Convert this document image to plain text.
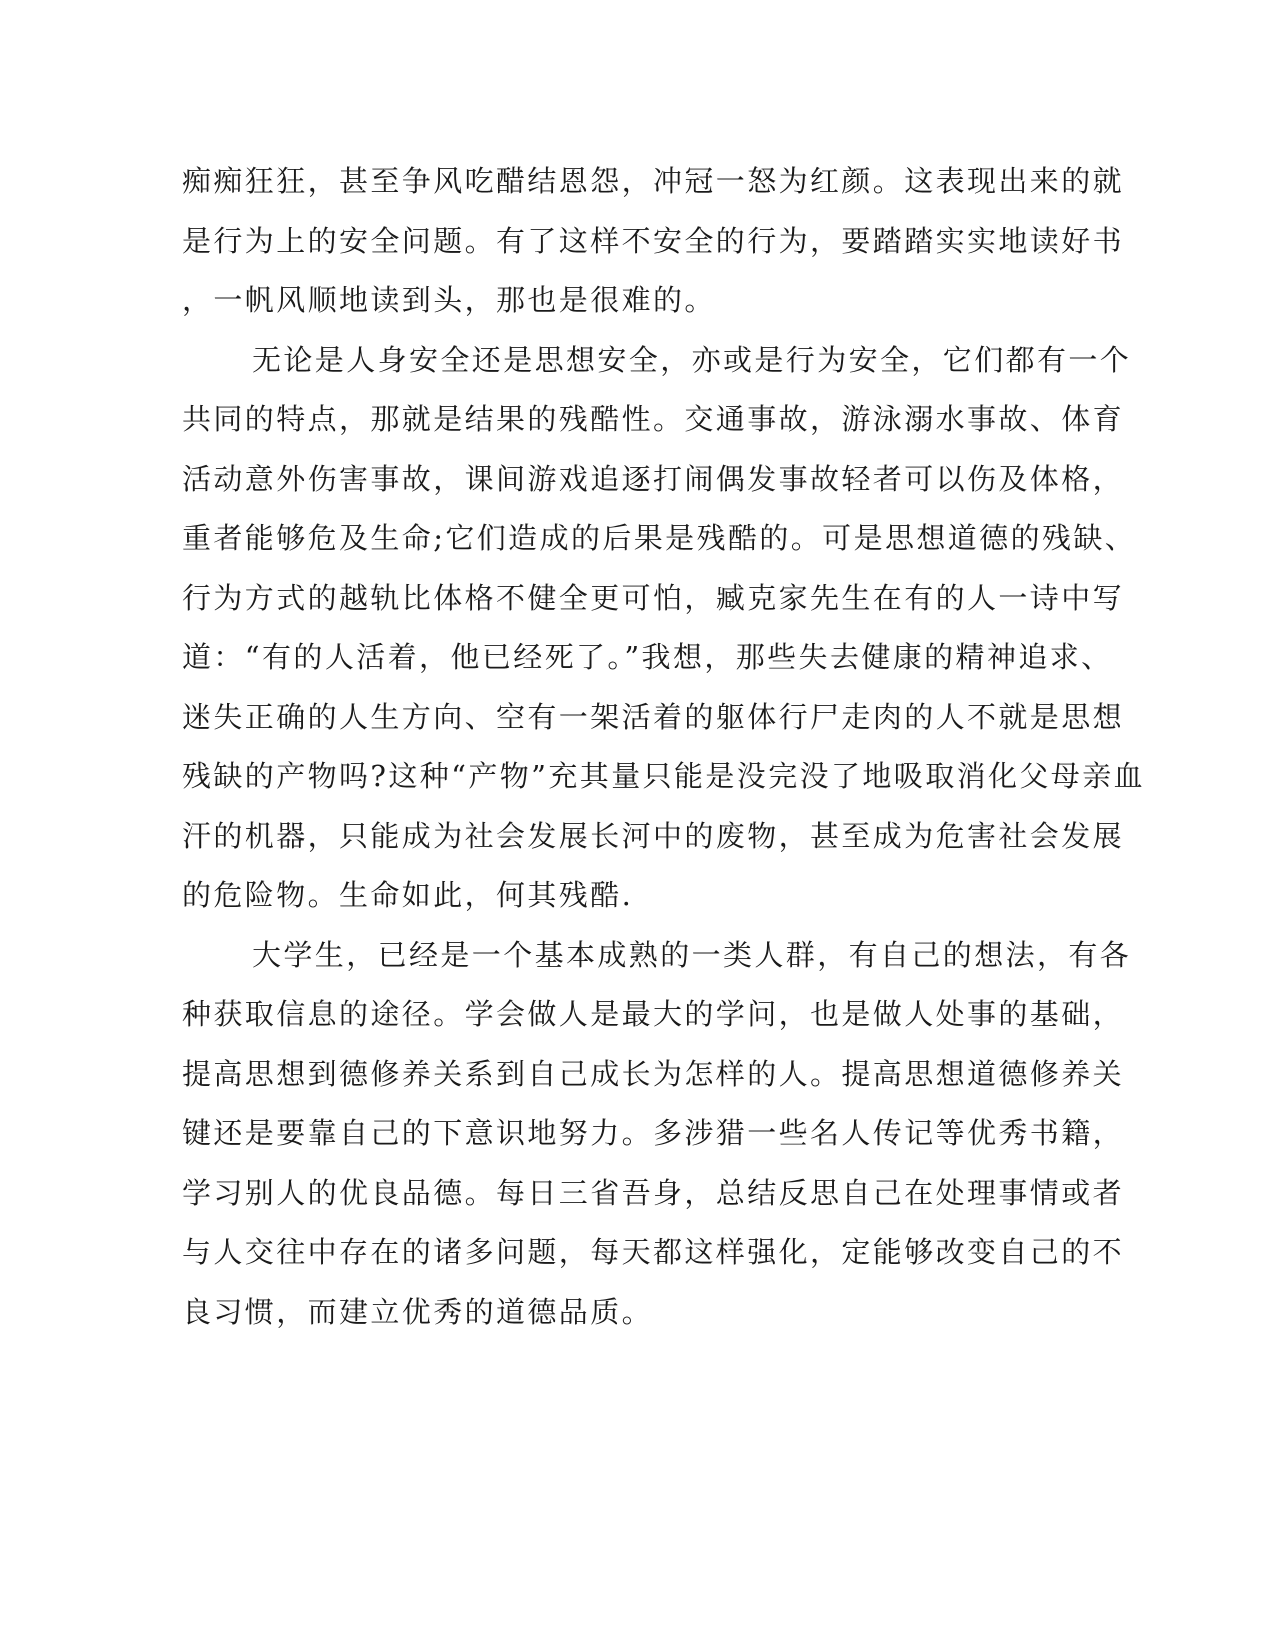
痴痴狂狂，甚至争风吃醋结恩怨，冲冠一怒为红颜。这表现出来的就
是行为上的安全问题。有了这样不安全的行为，要踏踏实实地读好书
，一帆风顺地读到头，那也是很难的。
无论是人身安全还是思想安全，亦或是行为安全，它们都有一个
共同的特点，那就是结果的残酷性。交通事故，游泳溺水事故、体育
活动意外伤害事故，课间游戏追逐打闹偶发事故轻者可以伤及体格，
重者能够危及生命;它们造成的后果是残酷的。可是思想道德的残缺、
行为方式的越轨比体格不健全更可怕，臧克家先生在有的人一诗中写
道：“有的人活着，他已经死了。”我想，那些失去健康的精神追求、
迷失正确的人生方向、空有一架活着的躯体行尸走肉的人不就是思想
残缺的产物吗?这种“产物”充其量只能是没完没了地吸取消化父母亲血
汗的机器，只能成为社会发展长河中的废物，甚至成为危害社会发展
的危险物。生命如此，何其残酷.
大学生，已经是一个基本成熟的一类人群，有自己的想法，有各
种获取信息的途径。学会做人是最大的学问，也是做人处事的基础，
提高思想到德修养关系到自己成长为怎样的人。提高思想道德修养关
键还是要靠自己的下意识地努力。多涉猎一些名人传记等优秀书籍，
学习别人的优良品德。每日三省吾身，总结反思自己在处理事情或者
与人交往中存在的诸多问题，每天都这样强化，定能够改变自己的不
良习惯，而建立优秀的道德品质。
